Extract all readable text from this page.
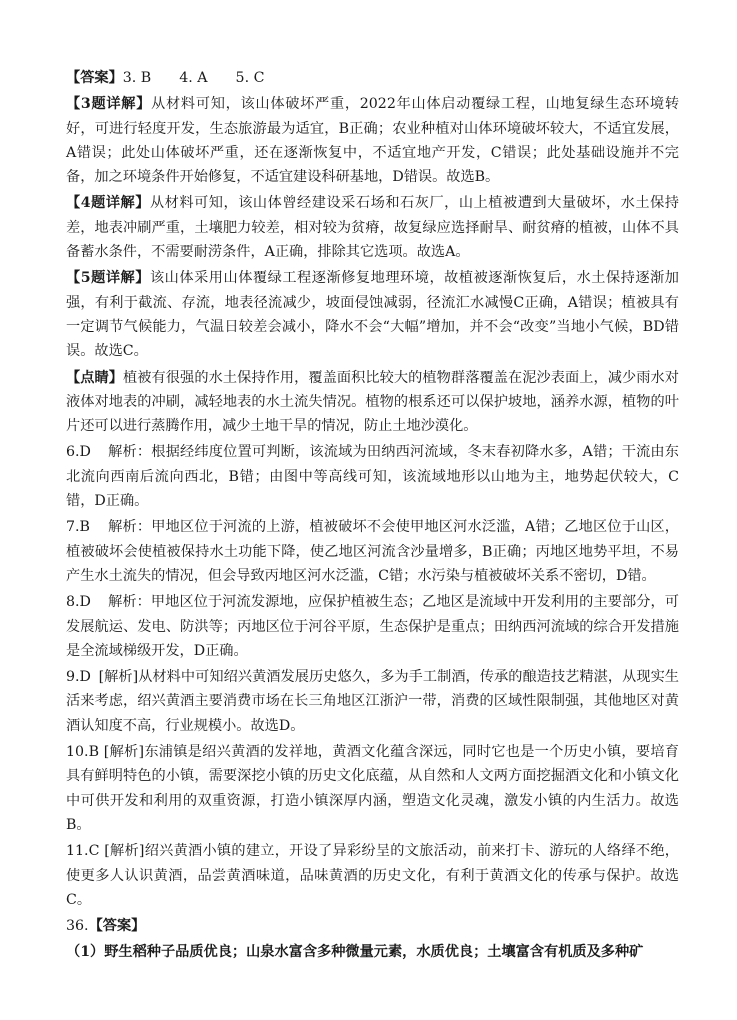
【答案】3. B 4. A 5. C

【3题详解】从材料可知，该山体破坏严重，2022年山体启动覆绿工程，山地复绿生态环境转好，可进行轻度开发，生态旅游最为适宜，B正确；农业种植对山体环境破坏较大，不适宜发展，A错误；此处山体破坏严重，还在逐渐恢复中，不适宜地产开发，C错误；此处基础设施并不完备，加之环境条件开始修复，不适宜建设科研基地，D错误。故选B。

【4题详解】从材料可知，该山体曾经建设采石场和石灰厂，山上植被遭到大量破坏，水土保持差，地表冲刷严重，土壤肥力较差，相对较为贫瘠，故复绿应选择耐旱、耐贫瘠的植被，山体不具备蓄水条件，不需要耐涝条件，A正确，排除其它选项。故选A。

【5题详解】该山体采用山体覆绿工程逐渐修复地理环境，故植被逐渐恢复后，水土保持逐渐加强，有利于截流、存流，地表径流减少，坡面侵蚀减弱，径流汇水减慢C正确，A错误；植被具有一定调节气候能力，气温日较差会减小，降水不会“大幅”增加，并不会“改变”当地小气候，BD错误。故选C。

【点睛】植被有很强的水土保持作用，覆盖面积比较大的植物群落覆盖在泥沙表面上，减少雨水对液体对地表的冲刷，减轻地表的水土流失情况。植物的根系还可以保护坡地，涵养水源，植物的叶片还可以进行蒸腾作用，减少土地干旱的情况，防止土地沙漠化。

6.D 解析：根据经纬度位置可判断，该流域为田纳西河流域，冬末春初降水多，A错；干流由东北流向西南后流向西北，B错；由图中等高线可知，该流域地形以山地为主，地势起伏较大，C错，D正确。

7.B 解析：甲地区位于河流的上游，植被破坏不会使甲地区河水泛滥，A错；乙地区位于山区，植被破坏会使植被保持水土功能下降，使乙地区河流含沙量增多，B正确；丙地区地势平坦，不易产生水土流失的情况，但会导致丙地区河水泛滥，C错；水污染与植被破坏关系不密切，D错。

8.D 解析：甲地区位于河流发源地，应保护植被生态；乙地区是流域中开发利用的主要部分，可发展航运、发电、防洪等；丙地区位于河谷平原，生态保护是重点；田纳西河流域的综合开发措施是全流域梯级开发，D正确。

9.D [解析]从材料中可知绍兴黄酒发展历史悠久，多为手工制酒，传承的酿造技艺精湛，从现实生活来考虑，绍兴黄酒主要消费市场在长三角地区江浙沪一带，消费的区域性限制强，其他地区对黄酒认知度不高，行业规模小。故选D。

10.B [解析]东浦镇是绍兴黄酒的发祥地，黄酒文化蕴含深远，同时它也是一个历史小镇，要培育具有鲜明特色的小镇，需要深挖小镇的历史文化底蕴，从自然和人文两方面挖掘酒文化和小镇文化中可供开发和利用的双重资源，打造小镇深厚内涵，塑造文化灵魂，激发小镇的内生活力。故选B。

11.C [解析]绍兴黄酒小镇的建立，开设了异彩纷呈的文旅活动，前来打卡、游玩的人络绎不绝，使更多人认识黄酒，品尝黄酒味道，品味黄酒的历史文化，有利于黄酒文化的传承与保护。故选C。

36.【答案】

（1）野生稻种子品质优良；山泉水富含多种微量元素，水质优良；土壤富含有机质及多种矿
